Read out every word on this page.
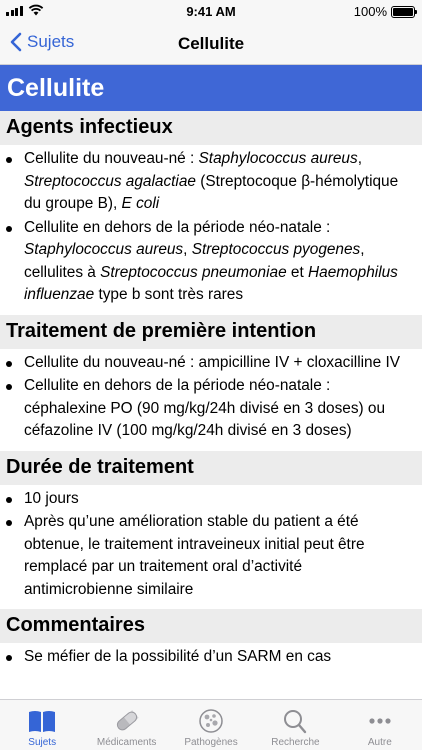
9:41 AM	100%
Sujets	Cellulite
Cellulite
Agents infectieux
Cellulite du nouveau-né : Staphylococcus aureus, Streptococcus agalactiae (Streptocoque β-hémolytique du groupe B), E coli
Cellulite en dehors de la période néo-natale : Staphylococcus aureus, Streptococcus pyogenes, cellulites à Streptococcus pneumoniae et Haemophilus influenzae type b sont très rares
Traitement de première intention
Cellulite du nouveau-né : ampicilline IV + cloxacilline IV
Cellulite en dehors de la période néo-natale : céphalexine PO (90 mg/kg/24h divisé en 3 doses) ou céfazoline IV (100 mg/kg/24h divisé en 3 doses)
Durée de traitement
10 jours
Après qu’une amélioration stable du patient a été obtenue, le traitement intraveineux initial peut être remplacé par un traitement oral d’activité antimicrobienne similaire
Commentaires
Se méfier de la possibilité d’un SARM en cas
Sujets	Médicaments	Pathogènes	Recherche	Autre
